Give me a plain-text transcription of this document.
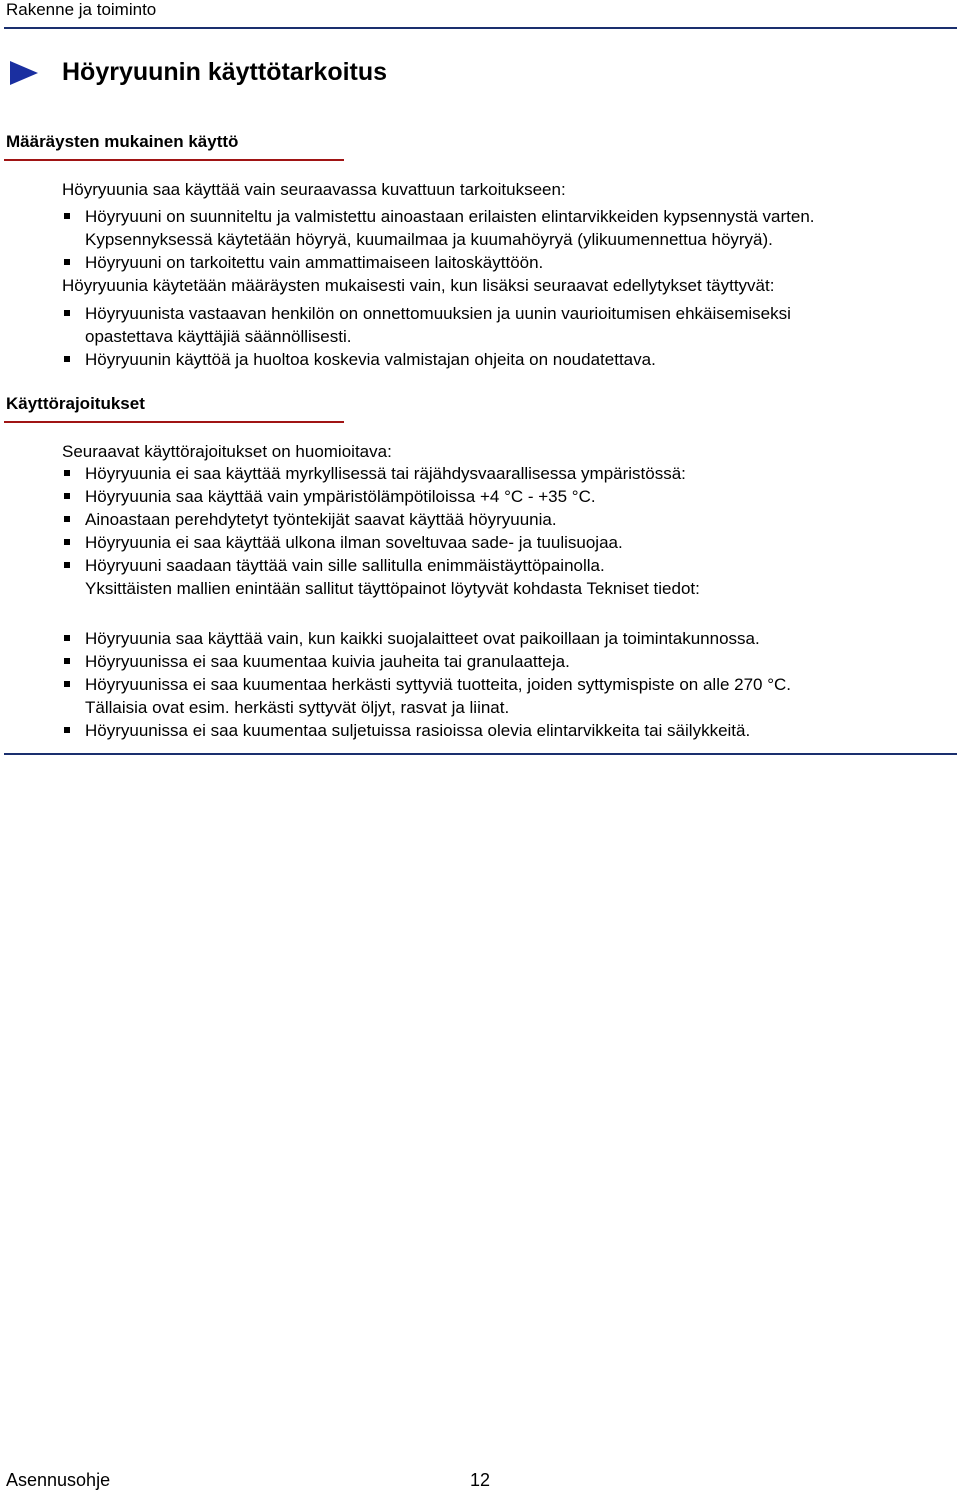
Rakenne ja toiminto
Höyryuunin käyttötarkoitus
Määräysten mukainen käyttö
Höyryuunia saa käyttää vain seuraavassa kuvattuun tarkoitukseen:
Höyryuuni on suunniteltu ja valmistettu ainoastaan erilaisten elintarvikkeiden kypsennystä varten.
Kypsennyksessä käytetään höyryä, kuumailmaa ja kuumahöyryä (ylikuumennettua höyryä).
Höyryuuni on tarkoitettu vain ammattimaiseen laitoskäyttöön.
Höyryuunia käytetään määräysten mukaisesti vain, kun lisäksi seuraavat edellytykset täyttyvät:
Höyryuunista vastaavan henkilön on onnettomuuksien ja uunin vaurioitumisen ehkäisemiseksi
opastettava käyttäjiä säännöllisesti.
Höyryuunin käyttöä ja huoltoa koskevia valmistajan ohjeita on noudatettava.
Käyttörajoitukset
Seuraavat käyttörajoitukset on huomioitava:
Höyryuunia ei saa käyttää myrkyllisessä tai räjähdysvaarallisessa ympäristössä:
Höyryuunia saa käyttää vain ympäristölämpötiloissa +4 °C - +35 °C.
Ainoastaan perehdytetyt työntekijät saavat käyttää höyryuunia.
Höyryuunia ei saa käyttää ulkona ilman soveltuvaa sade- ja tuulisuojaa.
Höyryuuni saadaan täyttää vain sille sallitulla enimmäistäyttöpainolla.
Yksittäisten mallien enintään sallitut täyttöpainot löytyvät kohdasta Tekniset tiedot:
Höyryuunia saa käyttää vain, kun kaikki suojalaitteet ovat paikoillaan ja toimintakunnossa.
Höyryuunissa ei saa kuumentaa kuivia jauheita tai granulaatteja.
Höyryuunissa ei saa kuumentaa herkästi syttyviä tuotteita, joiden syttymispiste on alle 270 °C.
Tällaisia ovat esim. herkästi syttyvät öljyt, rasvat ja liinat.
Höyryuunissa ei saa kuumentaa suljetuissa rasioissa olevia elintarvikkeita tai säilykkeitä.
Asennusohje	12
